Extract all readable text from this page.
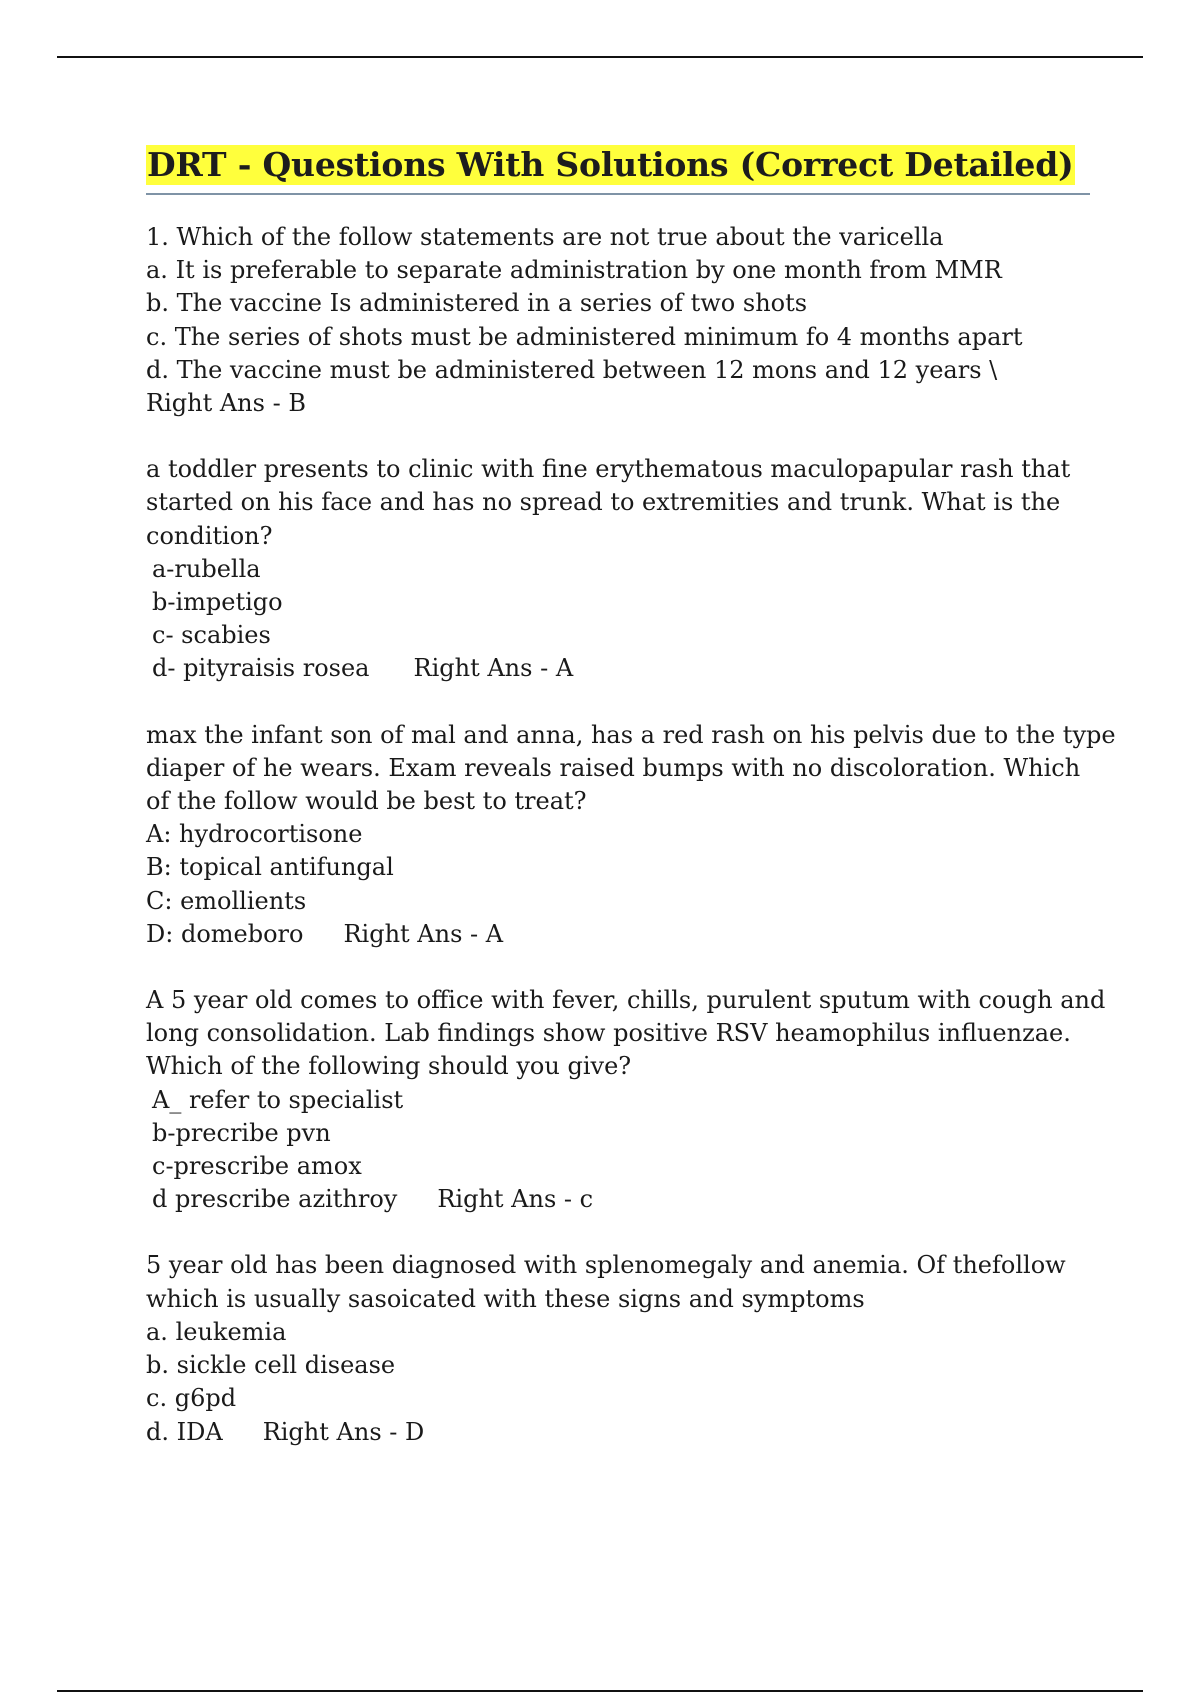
DRT - Questions With Solutions (Correct Detailed)
1. Which of the follow statements are not true about the varicella
a. It is preferable to separate administration by one month from MMR
b. The vaccine Is administered in a series of two shots
c. The series of shots must be administered minimum fo 4 months apart
d. The vaccine must be administered between 12 mons and 12 years \
Right Ans - B
a toddler presents to clinic with fine erythematous maculopapular rash that
started on his face and has no spread to extremities and trunk. What is the
condition?
a-rubella
b-impetigo
c- scabies
d- pityraisis rosea Right Ans - A
max the infant son of mal and anna, has a red rash on his pelvis due to the type
diaper of he wears. Exam reveals raised bumps with no discoloration. Which
of the follow would be best to treat?
A: hydrocortisone
B: topical antifungal
C: emollients
D: domeboro Right Ans - A
A 5 year old comes to office with fever, chills, purulent sputum with cough and
long consolidation. Lab findings show positive RSV heamophilus influenzae.
Which of the following should you give?
A_ refer to specialist
b-precribe pvn
c-prescribe amox
d prescribe azithroy Right Ans - c
5 year old has been diagnosed with splenomegaly and anemia. Of thefollow
which is usually sasoicated with these signs and symptoms
a. leukemia
b. sickle cell disease
c. g6pd
d. IDA Right Ans - D
